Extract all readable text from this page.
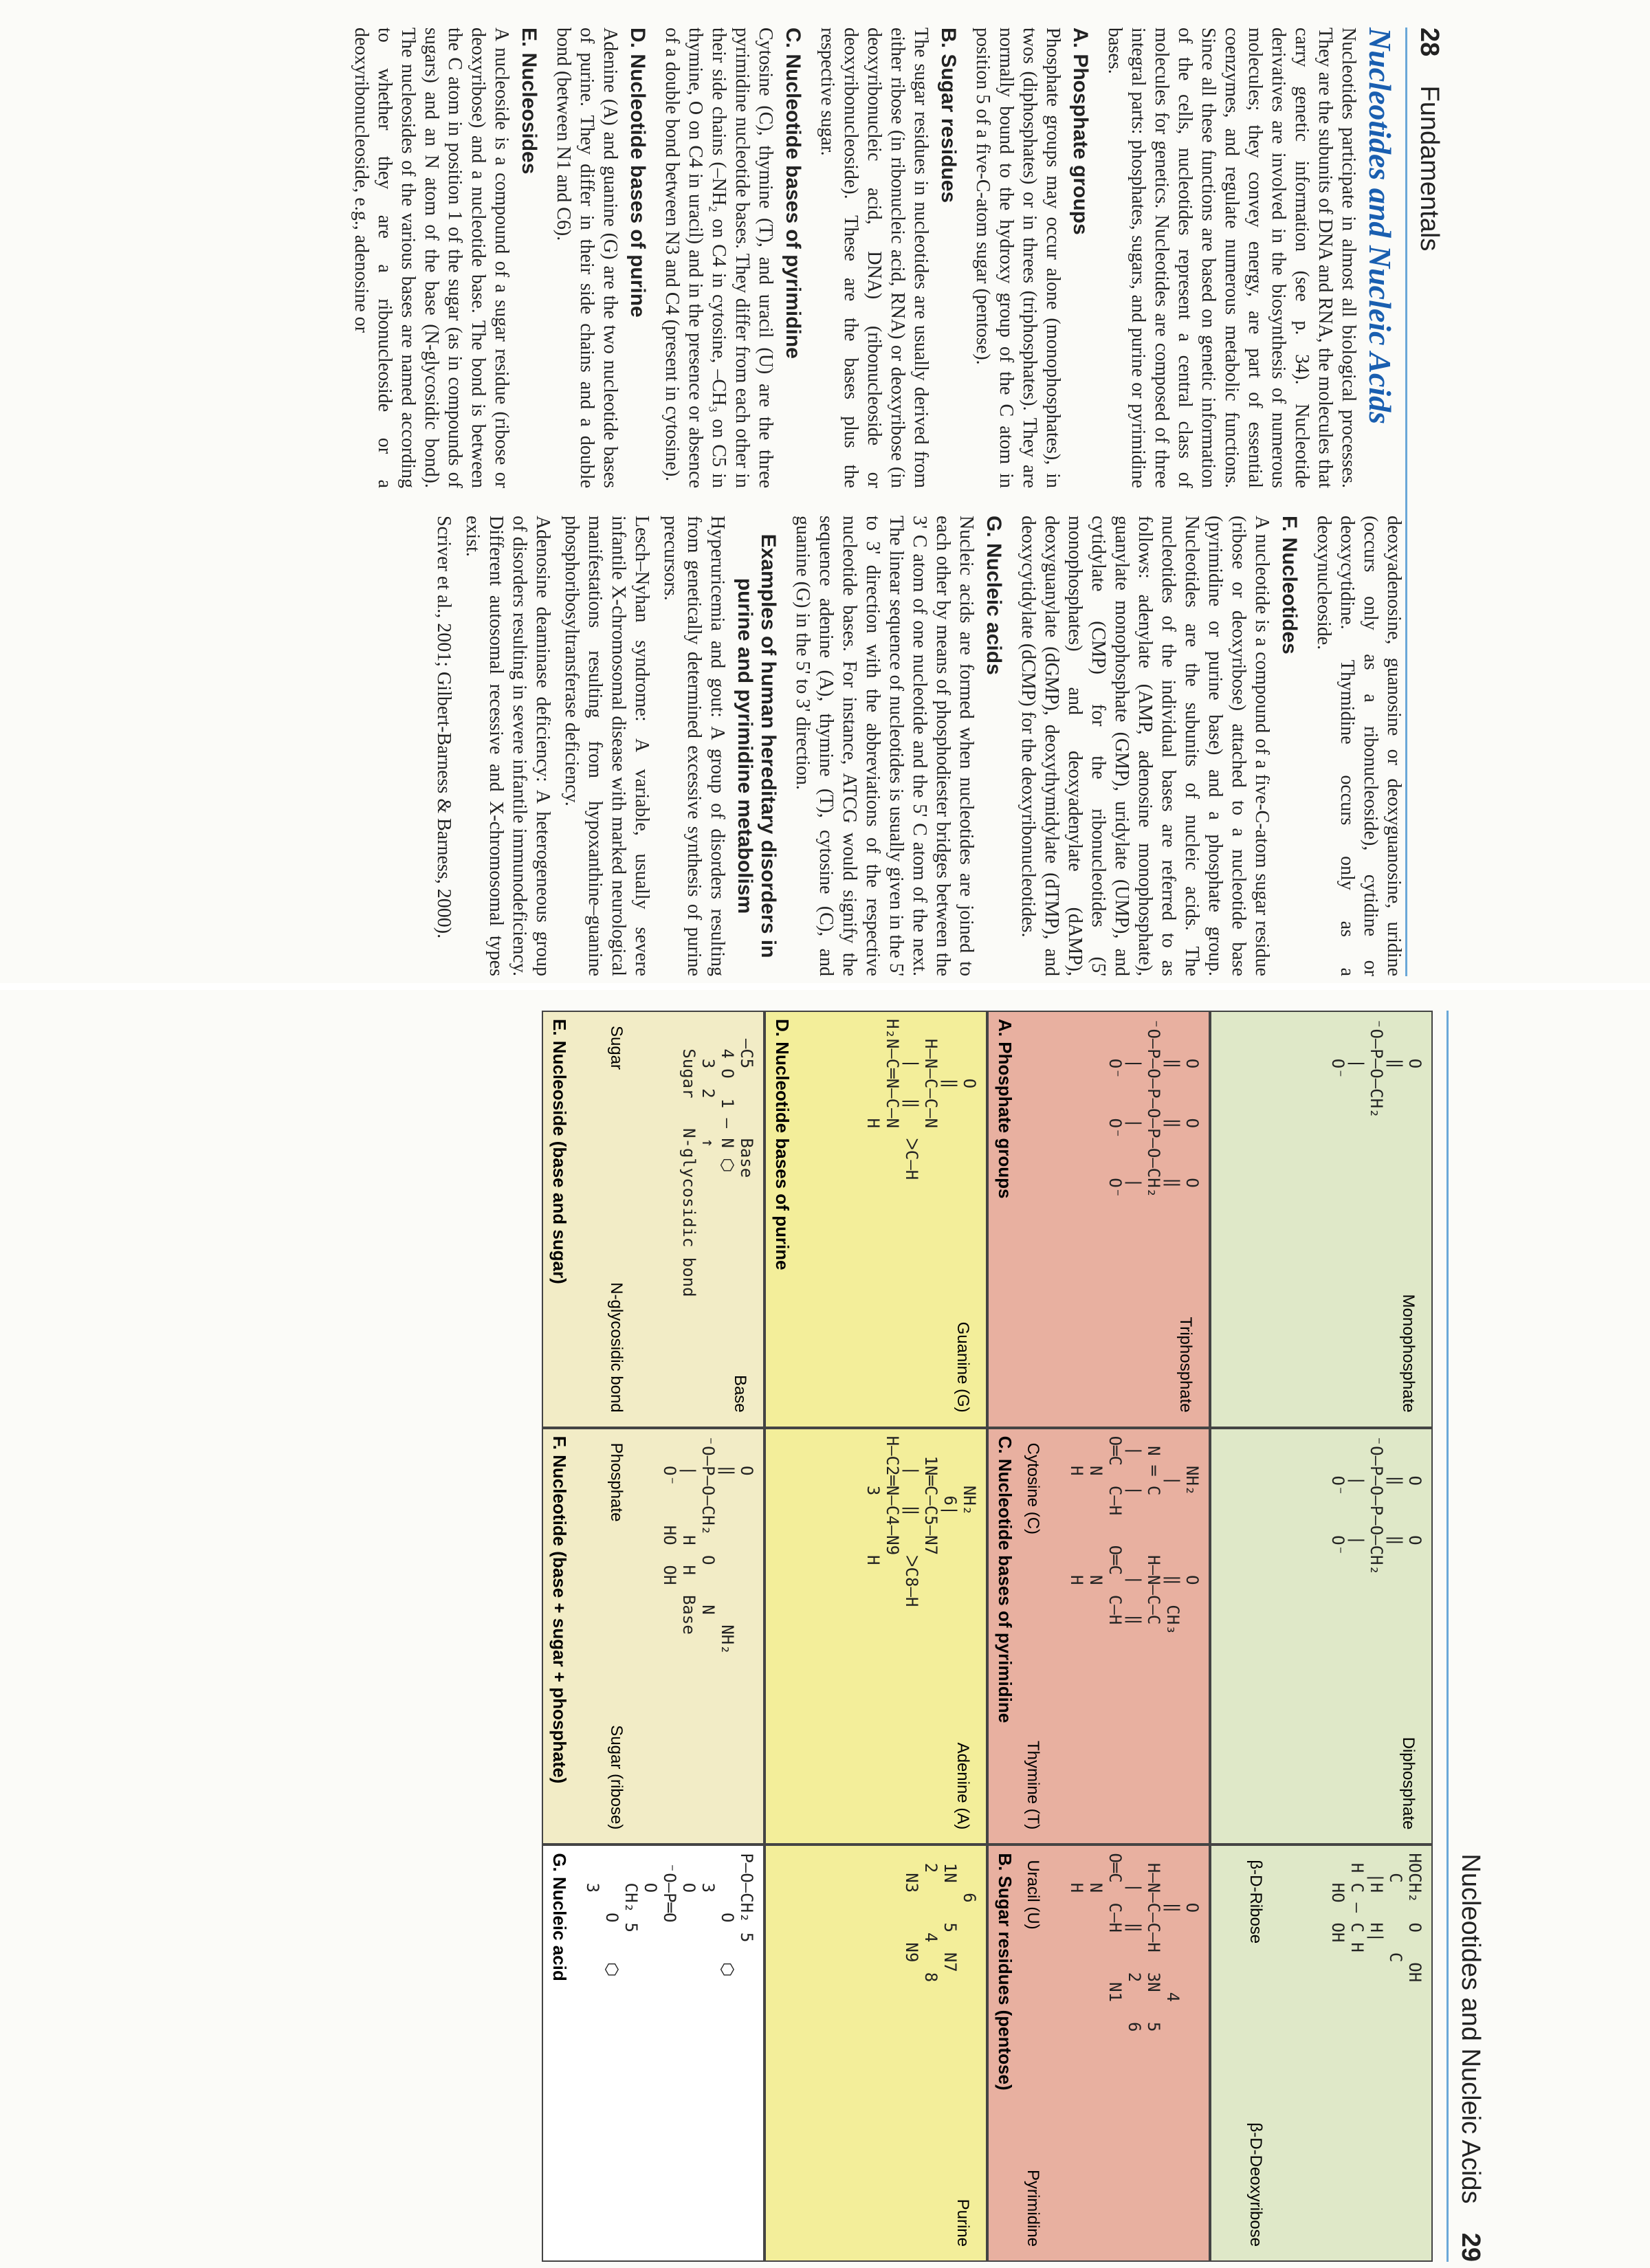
28    Fundamentals
Nucleotides and Nucleic Acids

Nucleotides participate in almost all biological processes. They are the subunits of DNA and RNA, the molecules that carry genetic information (see p. 34). Nucleotide derivatives are involved in the biosynthesis of numerous molecules; they convey energy, are part of essential coenzymes, and regulate numerous metabolic functions. Since all these functions are based on genetic information of the cells, nucleotides represent a central class of molecules for genetics. Nucleotides are composed of three integral parts: phosphates, sugars, and purine or pyrimidine bases.

A. Phosphate groups

Phosphate groups may occur alone (monophosphates), in twos (diphosphates) or in threes (triphosphates). They are normally bound to the hydroxy group of the C atom in position 5 of a five-C-atom sugar (pentose).

B. Sugar residues

The sugar residues in nucleotides are usually derived from either ribose (in ribonucleic acid, RNA) or deoxyribose (in deoxyribonucleic acid, DNA) (ribonucleoside or deoxyribonucleoside). These are the bases plus the respective sugar.

C. Nucleotide bases of pyrimidine

Cytosine (C), thymine (T), and uracil (U) are the three pyrimidine nucleotide bases. They differ from each other in their side chains (–NH₂ on C4 in cytosine, –CH₃ on C5 in thymine, O on C4 in uracil) and in the presence or absence of a double bond between N3 and C4 (present in cytosine).

D. Nucleotide bases of purine

Adenine (A) and guanine (G) are the two nucleotide bases of purine. They differ in their side chains and a double bond (between N1 and C6).

E. Nucleosides

A nucleoside is a compound of a sugar residue (ribose or deoxyribose) and a nucleotide base. The bond is between the C atom in position 1 of the sugar (as in compounds of sugars) and an N atom of the base (N-glycosidic bond). The nucleosides of the various bases are named according to whether they are a ribonucleoside or a deoxyribonucleoside, e.g., adenosine or

deoxyadenosine, guanosine or deoxyguanosine, uridine (occurs only as a ribonucleoside), cytidine or deoxycytidine. Thymidine occurs only as a deoxynucleoside.

F. Nucleotides

A nucleotide is a compound of a five-C-atom sugar residue (ribose or deoxyribose) attached to a nucleotide base (pyrimidine or purine base) and a phosphate group. Nucleotides are the subunits of nucleic acids. The nucleotides of the individual bases are referred to as follows: adenylate (AMP, adenosine monophosphate), guanylate monophosphate (GMP), uridylate (UMP), and cytidylate (CMP) for the ribonucleotides (5' monophosphates) and deoxyadenylate (dAMP), deoxyguanylate (dGMP), deoxythymidylate (dTMP), and deoxycytidylate (dCMP) for the deoxyribonucleotides.

G. Nucleic acids

Nucleic acids are formed when nucleotides are joined to each other by means of phosphodiester bridges between the 3' C atom of one nucleotide and the 5' C atom of the next. The linear sequence of nucleotides is usually given in the 5' to 3' direction with the abbreviations of the respective nucleotide bases. For instance, ATCG would signify the sequence adenine (A), thymine (T), cytosine (C), and guanine (G) in the 5' to 3' direction.

Examples of human hereditary disorders in purine and pyrimidine metabolism

Hyperuricemia and gout: A group of disorders resulting from genetically determined excessive synthesis of purine precursors.

Lesch–Nyhan syndrome: A variable, usually severe infantile X-chromosomal disease with marked neurological manifestations resulting from hypoxanthine–guanine phosphoribosyltransferase deficiency.

Adenosine deaminase deficiency: A heterogeneous group of disorders resulting in severe infantile immunodeficiency. Different autosomal recessive and X-chromosomal types exist.

Scriver et al., 2001; Gilbert-Barness & Barness, 2000).

Nucleotides and Nucleic Acids    29
O
‖
⁻O–P–O–CH₂
|
O⁻
Monophosphate
O     O
‖     ‖
⁻O–P–O–P–O–CH₂
|     |
O⁻    O⁻
Diphosphate
HOCH₂  O   OH
C       C
|H   H|
H C — C H
HO  OH
β-D-Ribose
β-D-Deoxyribose
O     O     O
‖     ‖     ‖
⁻O–P–O–P–O–P–O–CH₂
|     |     |
O⁻    O⁻    O⁻
Triphosphate
A. Phosphate groups
NH₂        O
|         ‖  CH₃
N ═ C      H–N–C–C
|   |        |   ‖
O═C  C–H   O═C  C–H
N          N
H          H
Cytosine (C)
Thymine (T)
C. Nucleotide bases of pyrimidine
O
‖        4
H–N–C–C–H  3N   5
|   ‖    2    6
O═C  C–H     N1
N
H
Uracil (U)
Pyrimidine
B. Sugar residues (pentose)
O
‖
H–N–C–C–N
|   ‖   ᐳC–H
H₂N–C═N–C–N
H
Guanine (G)
D. Nucleotide bases of purine
NH₂
6|
1N═C–C5–N7
|   ‖    ᐳC8–H
H–C2═N–C4–N9
3      H
Adenine (A)
6
1N    5  N7
2      4   8
N3     N9
Purine
–C5       Base
4 O  1 – N ⬡
3  2    ↑
Sugar   N-glycosidic bond
Base
Sugar
N-glycosidic bond
E. Nucleoside (base and sugar)
O
‖               NH₂
⁻O–P–O–CH₂  O    N
|      H  H  Base
O⁻    HO  OH
Phosphate
Sugar (ribose)
F. Nucleotide (base + sugar + phosphate)
P–O–CH₂ 5
O    ⬡
3
O
⁻O–P═O
O
CH₂ 5
O    ⬡
3
G. Nucleic acid
